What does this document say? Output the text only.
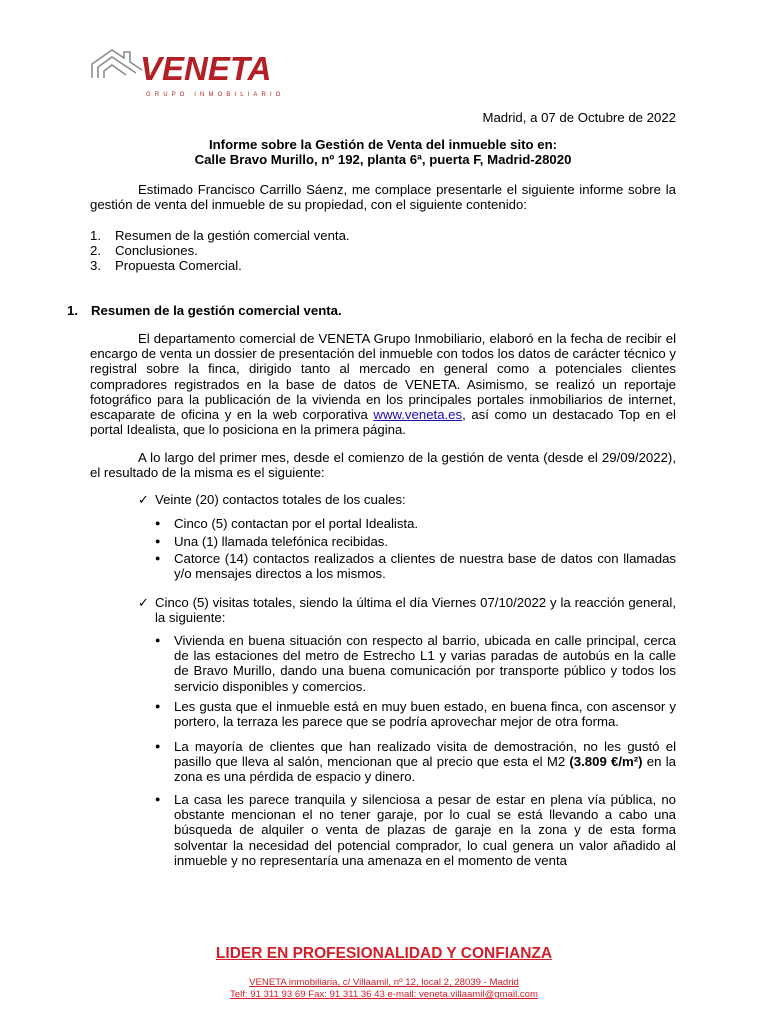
VENETA
GRUPO INMOBILIARIO
Madrid, a 07 de Octubre de 2022
Informe sobre la Gestión de Venta del inmueble sito en:
Calle Bravo Murillo, nº 192, planta 6ª, puerta F, Madrid-28020
Estimado Francisco Carrillo Sáenz, me complace presentarle el siguiente informe sobre la gestión de venta del inmueble de su propiedad, con el siguiente contenido:
1.	Resumen de la gestión comercial venta.
2.	Conclusiones.
3.	Propuesta Comercial.
1. Resumen de la gestión comercial venta.
El departamento comercial de VENETA Grupo Inmobiliario, elaboró en la fecha de recibir el encargo de venta un dossier de presentación del inmueble con todos los datos de carácter técnico y registral sobre la finca, dirigido tanto al mercado en general como a potenciales clientes compradores registrados en la base de datos de VENETA. Asimismo, se realizó un reportaje fotográfico para la publicación de la vivienda en los principales portales inmobiliarios de internet, escaparate de oficina y en la web corporativa www.veneta.es, así como un destacado Top en el portal Idealista, que lo posiciona en la primera página.
A lo largo del primer mes, desde el comienzo de la gestión de venta (desde el 29/09/2022), el resultado de la misma es el siguiente:
✓ Veinte (20) contactos totales de los cuales:
●	Cinco (5) contactan por el portal Idealista.
●	Una (1) llamada telefónica recibidas.
●	Catorce (14) contactos realizados a clientes de nuestra base de datos con llamadas y/o mensajes directos a los mismos.
✓ Cinco (5) visitas totales, siendo la última el día Viernes 07/10/2022 y la reacción general, la siguiente:
●	Vivienda en buena situación con respecto al barrio, ubicada en calle principal, cerca de las estaciones del metro de Estrecho L1 y varias paradas de autobús en la calle de Bravo Murillo, dando una buena comunicación por transporte público y todos los servicio disponibles y comercios.
●	Les gusta que el inmueble está en muy buen estado, en buena finca, con ascensor y portero, la terraza les parece que se podría aprovechar mejor de otra forma.
●	La mayoría de clientes que han realizado visita de demostración, no les gustó el pasillo que lleva al salón, mencionan que al precio que esta el M2 (3.809 €/m²) en la zona es una pérdida de espacio y dinero.
●	La casa les parece tranquila y silenciosa a pesar de estar en plena vía pública, no obstante mencionan el no tener garaje, por lo cual se está llevando a cabo una búsqueda de alquiler o venta de plazas de garaje en la zona y de esta forma solventar la necesidad del potencial comprador, lo cual genera un valor añadido al inmueble y no representaría una amenaza en el momento de venta
LIDER EN PROFESIONALIDAD Y CONFIANZA
VENETA inmobiliaria, c/ Villaamil, nº 12, local 2, 28039 - Madrid
Telf: 91 311 93 69 Fax: 91 311 36 43 e-mail: veneta.villaamil@gmail.com
